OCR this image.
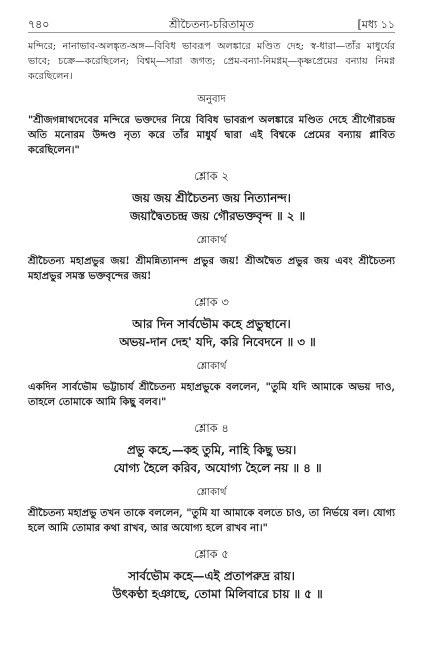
৭৪০	শ্রীচৈতন্য-চরিতামৃত	[মধ্য ১১

মন্দিরে; নানাভাব-অলঙ্কৃত-অঙ্গ—বিবিধ ভাবরূপ অলঙ্কারে মণ্ডিত দেহ; স্ব-ধারা—তাঁর মাধুর্যের ভাবে; চক্রে—করেছিলেন; বিশ্বম্—সারা জগত; প্রেম-বন্যা-নিমগ্নম্—কৃষ্ণপ্রেমের বন্যায় নিমগ্ন করেছিলেন।

অনুবাদ

"শ্রীজগন্নাথদেবের মন্দিরে ভক্তদের নিয়ে বিবিধ ভাবরূপ অলঙ্কারে মণ্ডিত দেহে শ্রীগৌরচন্দ্র অতি মনোরম উদ্দণ্ড নৃত্য করে তাঁর মাধুর্য দ্বারা এই বিশ্বকে প্রেমের বন্যায় প্লাবিত করেছিলেন।"

শ্লোক ২

জয় জয় শ্রীচৈতন্য জয় নিত্যানন্দ।

জয়াদ্বৈতচন্দ্র জয় গৌরভক্তবৃন্দ ॥ ২ ॥

শ্লোকার্থ

শ্রীচৈতন্য মহাপ্রভুর জয়! শ্রীমন্নিত্যানন্দ প্রভুর জয়! শ্রীঅদ্বৈত প্রভুর জয় এবং শ্রীচৈতন্য মহাপ্রভুর সমস্ত ভক্তবৃন্দের জয়!

শ্লোক ৩

আর দিন সার্বভৌম কহে প্রভুস্থানে।

অভয়-দান দেহ' যদি, করি নিবেদনে ॥ ৩ ॥

শ্লোকার্থ

একদিন সার্বভৌম ভট্টাচার্য শ্রীচৈতন্য মহাপ্রভুকে বললেন, "তুমি যদি আমাকে অভয় দাও, তাহলে তোমাকে আমি কিছু বলব।"

শ্লোক ৪

প্রভু কহে,—কহ তুমি, নাহি কিছু ভয়।

যোগ্য হৈলে করিব, অযোগ্য হৈলে নয় ॥ ৪ ॥

শ্লোকার্থ

শ্রীচৈতন্য মহাপ্রভু তখন তাকে বললেন, "তুমি যা আমাকে বলতে চাও, তা নির্ভয়ে বল। যোগ্য হলে আমি তোমার কথা রাখব, আর অযোগ্য হলে রাখব না।"

শ্লোক ৫

সার্বভৌম কহে—এই প্রতাপরুদ্র রায়।

উৎকণ্ঠা হঞাছে, তোমা মিলিবারে চায় ॥ ৫ ॥
